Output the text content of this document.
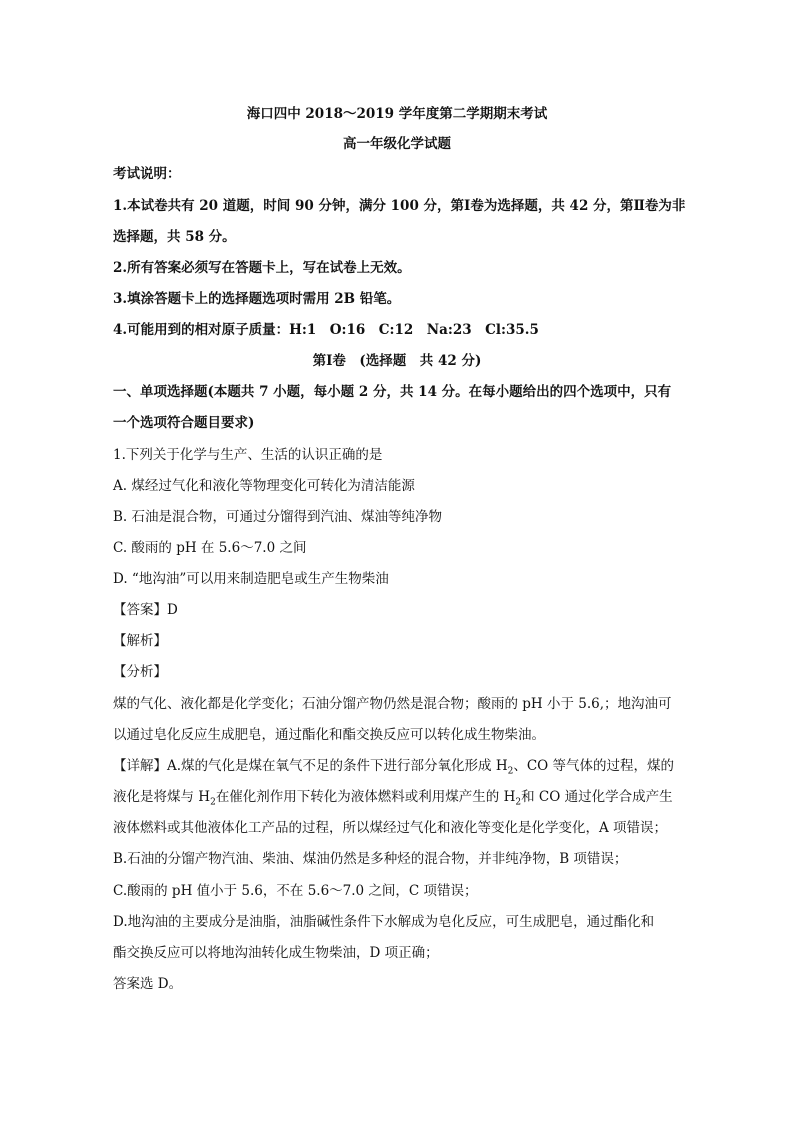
海口四中 2018～2019 学年度第二学期期末考试
高一年级化学试题
考试说明：
1.本试卷共有 20 道题，时间 90 分钟，满分 100 分，第Ⅰ卷为选择题，共 42 分，第Ⅱ卷为非
选择题，共 58 分。
2.所有答案必须写在答题卡上，写在试卷上无效。
3.填涂答题卡上的选择题选项时需用 2B 铅笔。
4.可能用到的相对原子质量：H:1　O:16　C:12　Na:23　Cl:35.5
第Ⅰ卷　(选择题　共 42 分)
一、单项选择题(本题共 7 小题，每小题 2 分，共 14 分。在每小题给出的四个选项中，只有
一个选项符合题目要求)
1.下列关于化学与生产、生活的认识正确的是
A. 煤经过气化和液化等物理变化可转化为清洁能源
B. 石油是混合物，可通过分馏得到汽油、煤油等纯净物
C. 酸雨的 pH 在 5.6～7.0 之间
D. “地沟油”可以用来制造肥皂或生产生物柴油
【答案】D
【解析】
【分析】
煤的气化、液化都是化学变化；石油分馏产物仍然是混合物；酸雨的 pH 小于 5.6,；地沟油可
以通过皂化反应生成肥皂，通过酯化和酯交换反应可以转化成生物柴油。
【详解】A.煤的气化是煤在氧气不足的条件下进行部分氧化形成 $H_2$、CO 等气体的过程，煤的
液化是将煤与 $H_2$在催化剂作用下转化为液体燃料或利用煤产生的 $H_2$和 CO 通过化学合成产生
液体燃料或其他液体化工产品的过程，所以煤经过气化和液化等变化是化学变化，A 项错误；
B.石油的分馏产物汽油、柴油、煤油仍然是多种烃的混合物，并非纯净物，B 项错误；
C.酸雨的 pH 值小于 5.6，不在 5.6～7.0 之间，C 项错误；
D.地沟油的主要成分是油脂，油脂碱性条件下水解成为皂化反应，可生成肥皂，通过酯化和
酯交换反应可以将地沟油转化成生物柴油，D 项正确；
答案选 D。
